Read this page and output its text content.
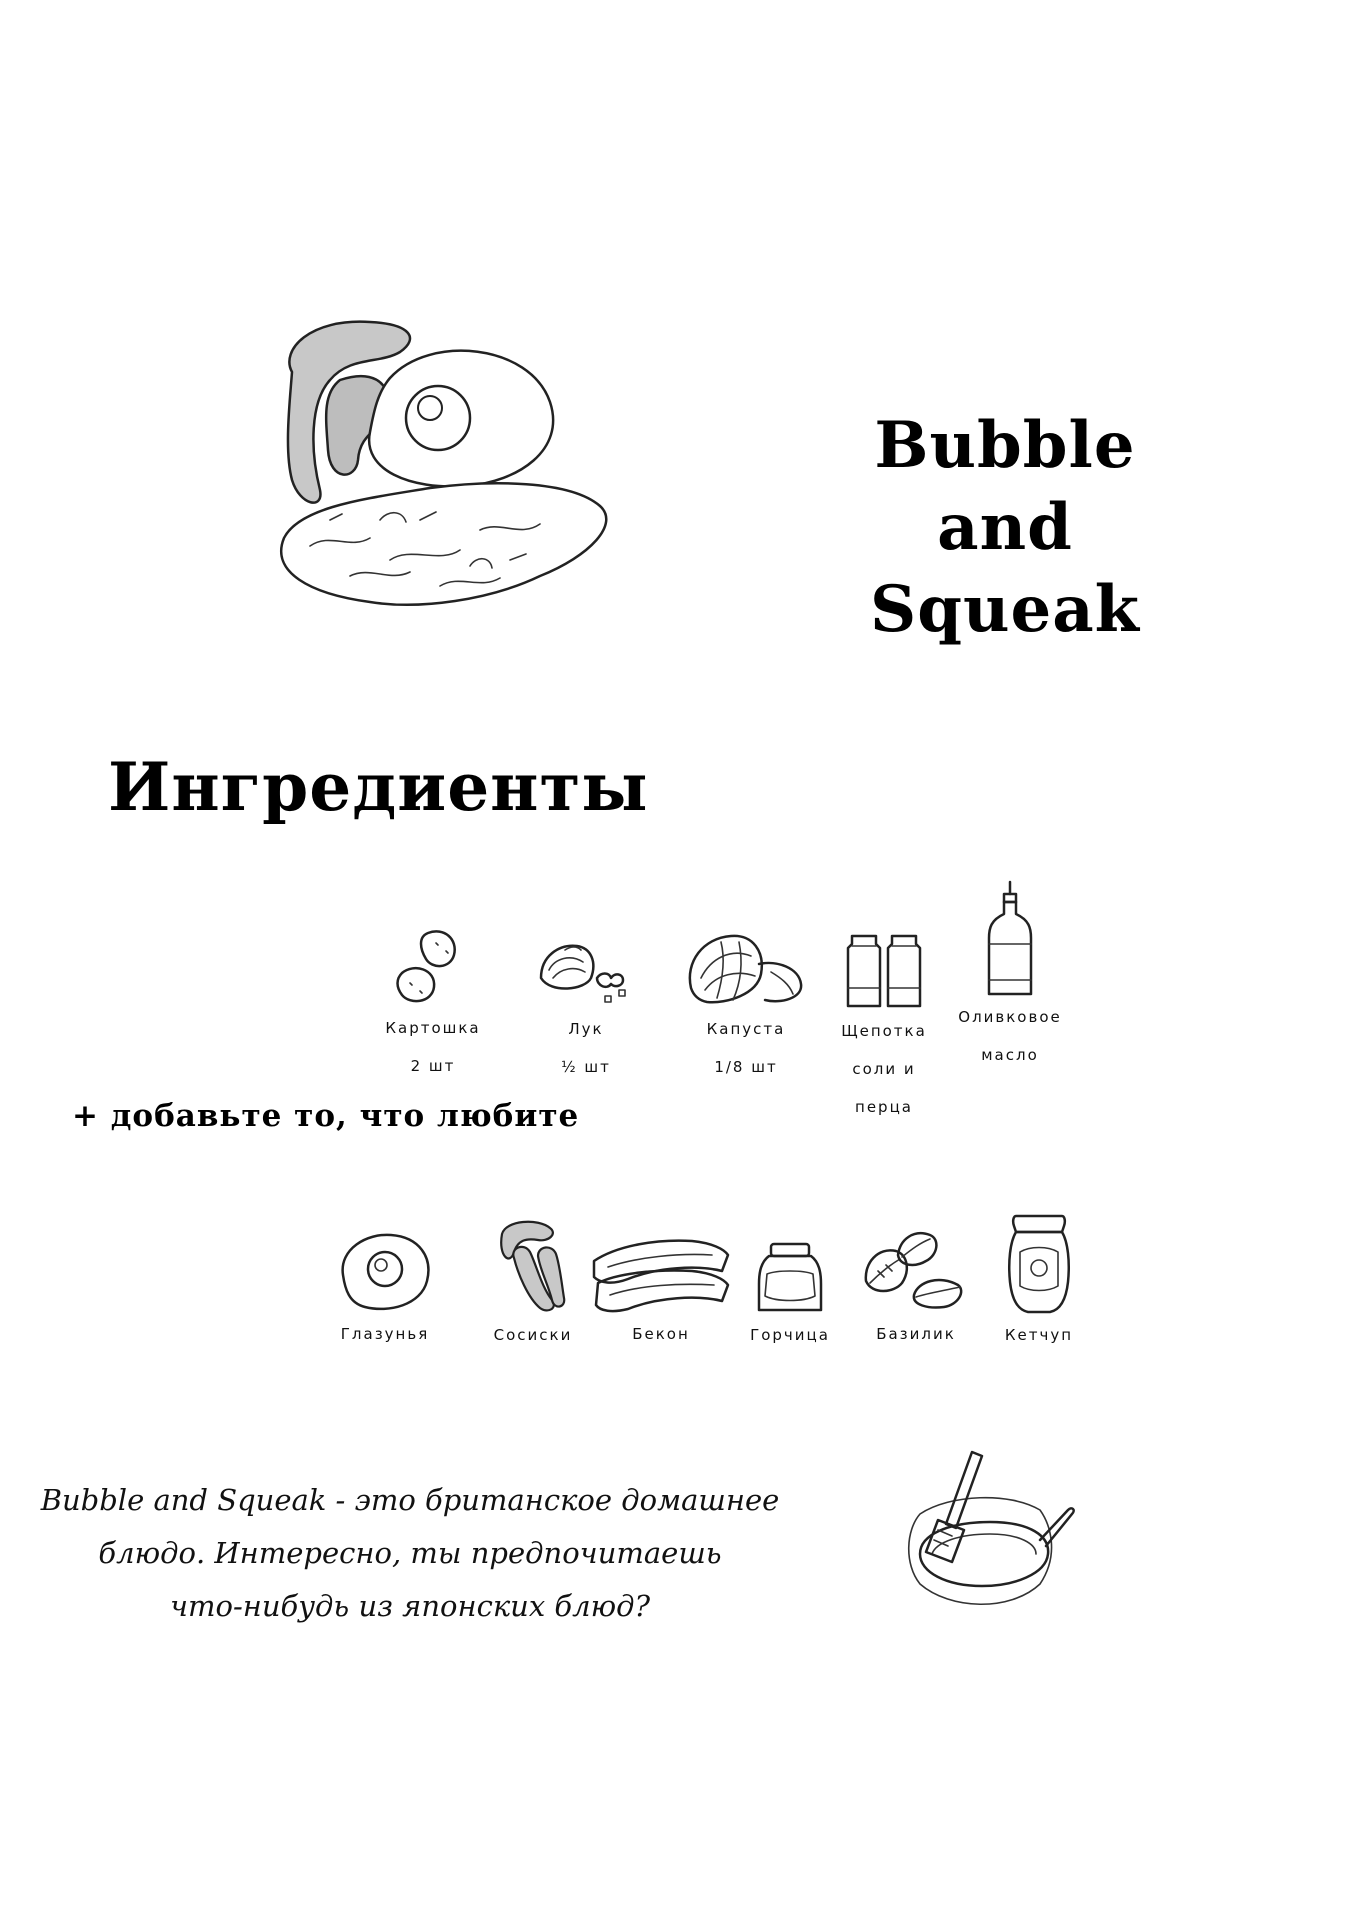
Bubble and
Squeak
Ингредиенты
Картошка
2 шт
Лук
½ шт
Капуста
1/8 шт
Щепотка
соли и
перца
Оливковое
масло
+ добавьте то, что любите
Глазунья	Сосиски	Бекон	Горчица	Базилик	Кетчуп
Bubble and Squeak - это британское домашнее
блюдо. Интересно, ты предпочитаешь
что-нибудь из японских блюд?
